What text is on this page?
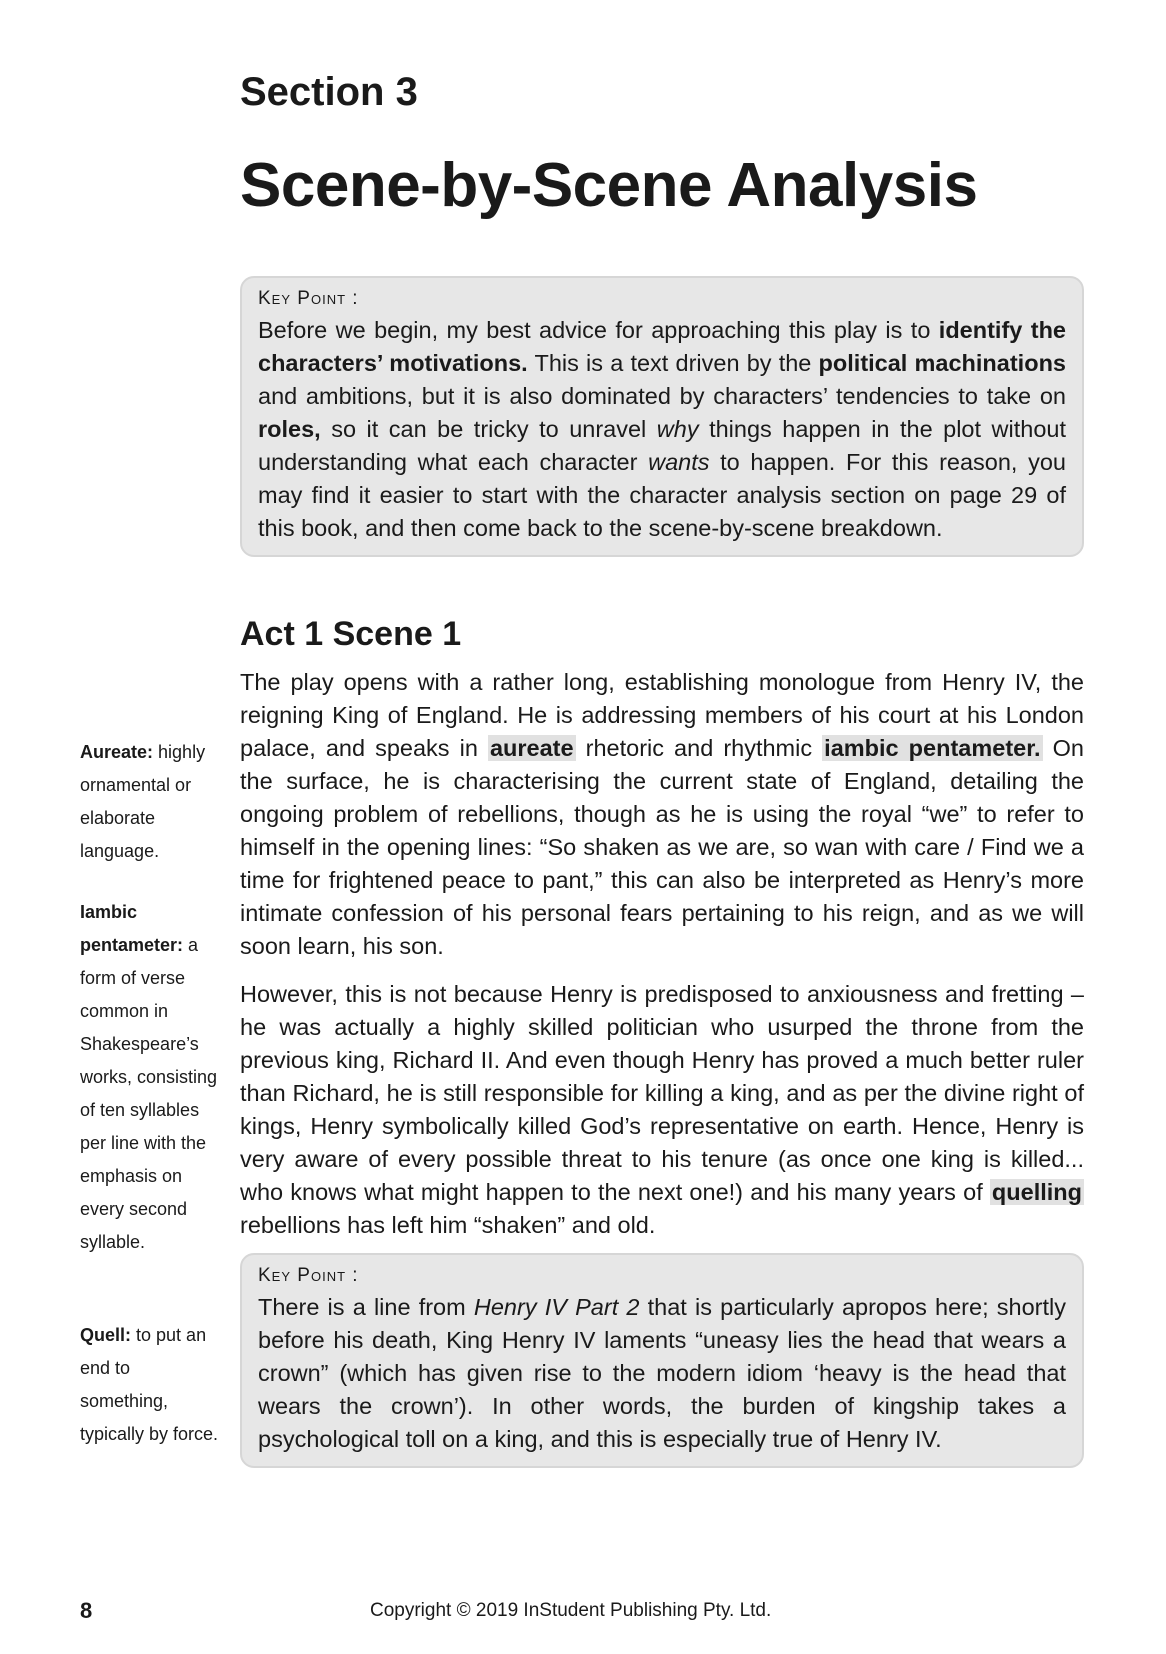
Section 3
Scene-by-Scene Analysis
Key Point :

Before we begin, my best advice for approaching this play is to identify the characters’ motivations. This is a text driven by the political machinations and ambitions, but it is also dominated by characters’ tendencies to take on roles, so it can be tricky to unravel why things happen in the plot without understanding what each character wants to happen. For this reason, you may find it easier to start with the character analysis section on page 29 of this book, and then come back to the scene-by-scene breakdown.

Act 1 Scene 1

The play opens with a rather long, establishing monologue from Henry IV, the reigning King of England. He is addressing members of his court at his London palace, and speaks in aureate rhetoric and rhythmic iambic pentameter. On the surface, he is characterising the current state of England, detailing the ongoing problem of rebellions, though as he is using the royal “we” to refer to himself in the opening lines: “So shaken as we are, so wan with care / Find we a time for frightened peace to pant,” this can also be interpreted as Henry’s more intimate confession of his personal fears pertaining to his reign, and as we will soon learn, his son.

However, this is not because Henry is predisposed to anxiousness and fretting – he was actually a highly skilled politician who usurped the throne from the previous king, Richard II. And even though Henry has proved a much better ruler than Richard, he is still responsible for killing a king, and as per the divine right of kings, Henry symbolically killed God’s representative on earth. Hence, Henry is very aware of every possible threat to his tenure (as once one king is killed... who knows what might happen to the next one!) and his many years of quelling rebellions has left him “shaken” and old.

Key Point :

There is a line from Henry IV Part 2 that is particularly apropos here; shortly before his death, King Henry IV laments “uneasy lies the head that wears a crown” (which has given rise to the modern idiom ‘heavy is the head that wears the crown’). In other words, the burden of kingship takes a psychological toll on a king, and this is especially true of Henry IV.

Aureate: highly ornamental or elaborate language.
Iambic pentameter: a form of verse common in Shakespeare’s works, consisting of ten syllables per line with the emphasis on every second syllable.
Quell: to put an end to something, typically by force.
8	Copyright © 2019 InStudent Publishing Pty. Ltd.
